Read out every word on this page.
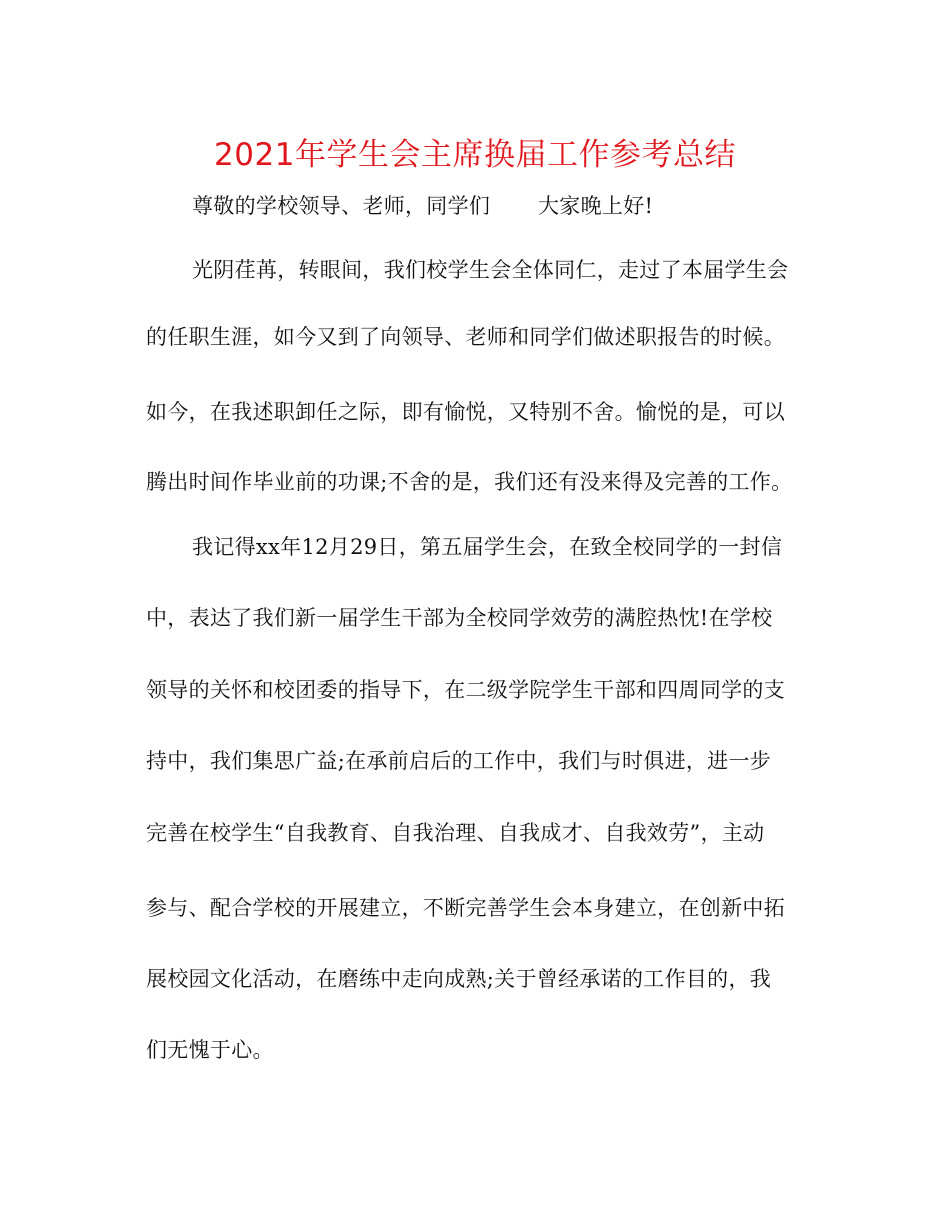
2021年学生会主席换届工作参考总结
尊敬的学校领导、老师，同学们 大家晚上好!
光阴荏苒，转眼间，我们校学生会全体同仁，走过了本届学生会
的任职生涯，如今又到了向领导、老师和同学们做述职报告的时候。
如今，在我述职卸任之际，即有愉悦，又特别不舍。愉悦的是，可以
腾出时间作毕业前的功课;不舍的是，我们还有没来得及完善的工作。
我记得xx年12月29日，第五届学生会，在致全校同学的一封信
中，表达了我们新一届学生干部为全校同学效劳的满腔热忱!在学校
领导的关怀和校团委的指导下，在二级学院学生干部和四周同学的支
持中，我们集思广益;在承前启后的工作中，我们与时俱进，进一步
完善在校学生“自我教育、自我治理、自我成才、自我效劳”，主动
参与、配合学校的开展建立，不断完善学生会本身建立，在创新中拓
展校园文化活动，在磨练中走向成熟;关于曾经承诺的工作目的，我
们无愧于心。
